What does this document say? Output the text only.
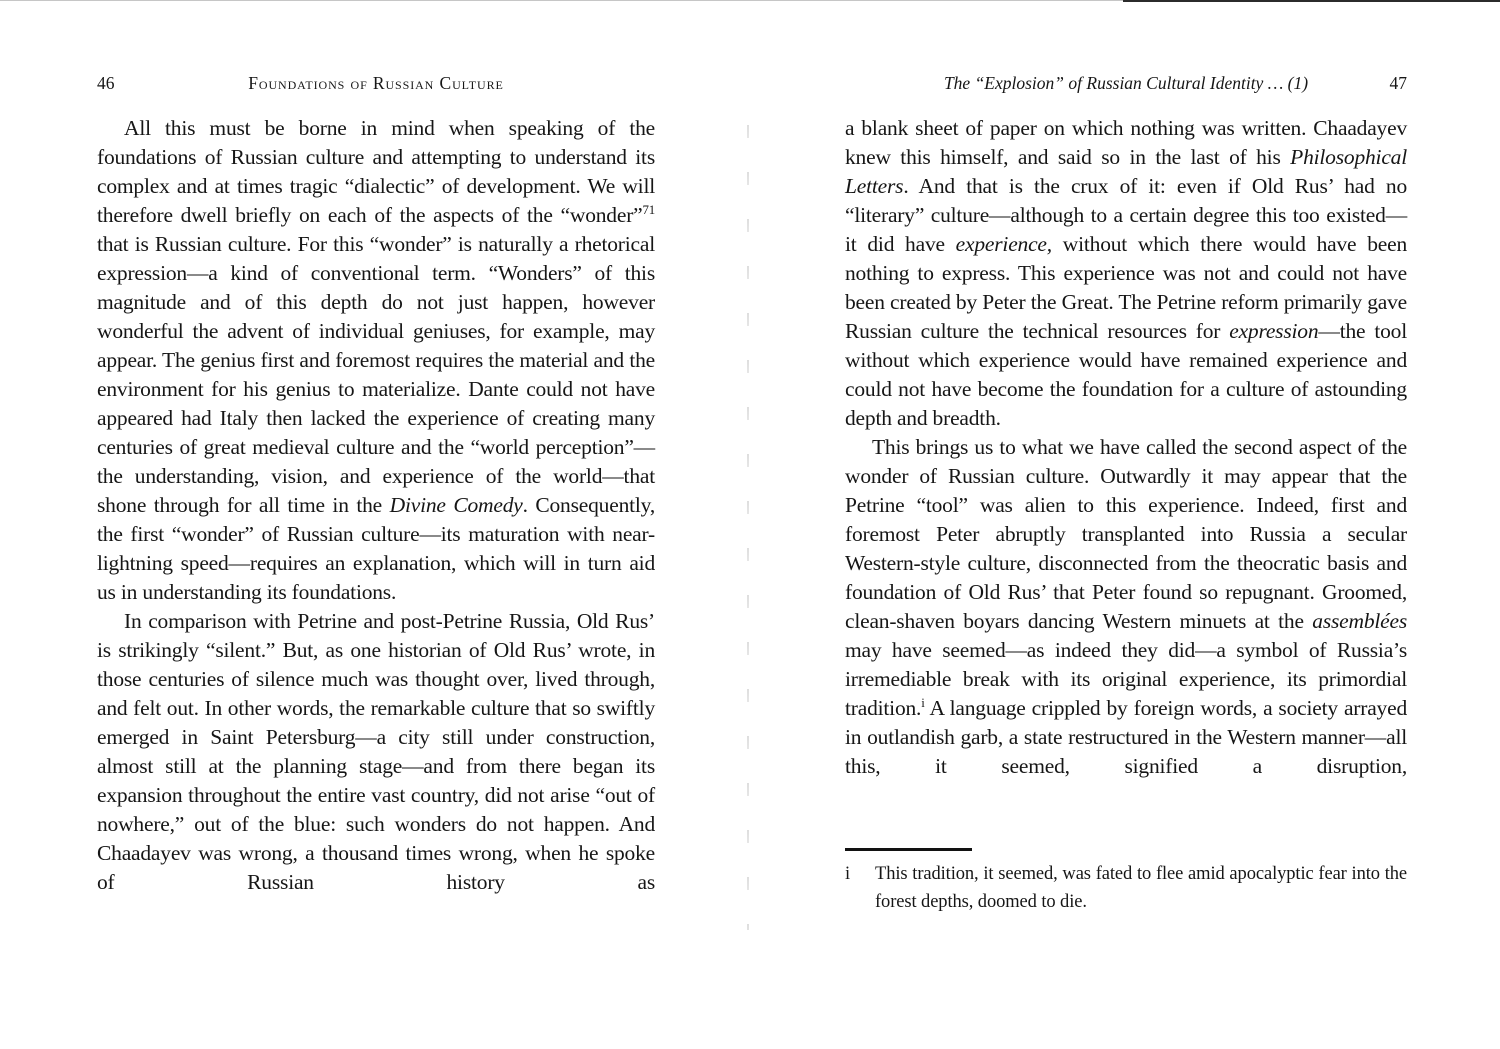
46	Foundations of Russian Culture

All this must be borne in mind when speaking of the foundations of Russian culture and attempting to understand its complex and at times tragic “dialectic” of development. We will therefore dwell briefly on each of the aspects of the “wonder”$^{71}$ that is Russian culture. For this “wonder” is naturally a rhetorical expression—a kind of conventional term. “Wonders” of this magnitude and of this depth do not just happen, however wonderful the advent of individual geniuses, for example, may appear. The genius first and foremost requires the material and the environment for his genius to materialize. Dante could not have appeared had Italy then lacked the experience of creating many centuries of great medieval culture and the “world perception”—the understanding, vision, and experience of the world—that shone through for all time in the Divine Comedy. Consequently, the first “wonder” of Russian culture—its maturation with near-lightning speed—requires an explanation, which will in turn aid us in understanding its foundations.

In comparison with Petrine and post-Petrine Russia, Old Rus’ is strikingly “silent.” But, as one historian of Old Rus’ wrote, in those centuries of silence much was thought over, lived through, and felt out. In other words, the remarkable culture that so swiftly emerged in Saint Petersburg—a city still under construction, almost still at the planning stage—and from there began its expansion throughout the entire vast country, did not arise “out of nowhere,” out of the blue: such wonders do not happen. And Chaadayev was wrong, a thousand times wrong, when he spoke of Russian history as

The “Explosion” of Russian Cultural Identity … (1)	47

a blank sheet of paper on which nothing was written. Chaadayev knew this himself, and said so in the last of his Philosophical Letters. And that is the crux of it: even if Old Rus’ had no “literary” culture—although to a certain degree this too existed—it did have experience, without which there would have been nothing to express. This experience was not and could not have been created by Peter the Great. The Petrine reform primarily gave Russian culture the technical resources for expression—the tool without which experience would have remained experience and could not have become the foundation for a culture of astounding depth and breadth.

This brings us to what we have called the second aspect of the wonder of Russian culture. Outwardly it may appear that the Petrine “tool” was alien to this experience. Indeed, first and foremost Peter abruptly transplanted into Russia a secular Western-style culture, disconnected from the theocratic basis and foundation of Old Rus’ that Peter found so repugnant. Groomed, clean-shaven boyars dancing Western minuets at the assemblées may have seemed—as indeed they did—a symbol of Russia’s irremediable break with its original experience, its primordial tradition.$^i$ A language crippled by foreign words, a society arrayed in outlandish garb, a state restructured in the Western manner—all this, it seemed, signified a disruption,

i	This tradition, it seemed, was fated to flee amid apocalyptic fear into the forest depths, doomed to die.
